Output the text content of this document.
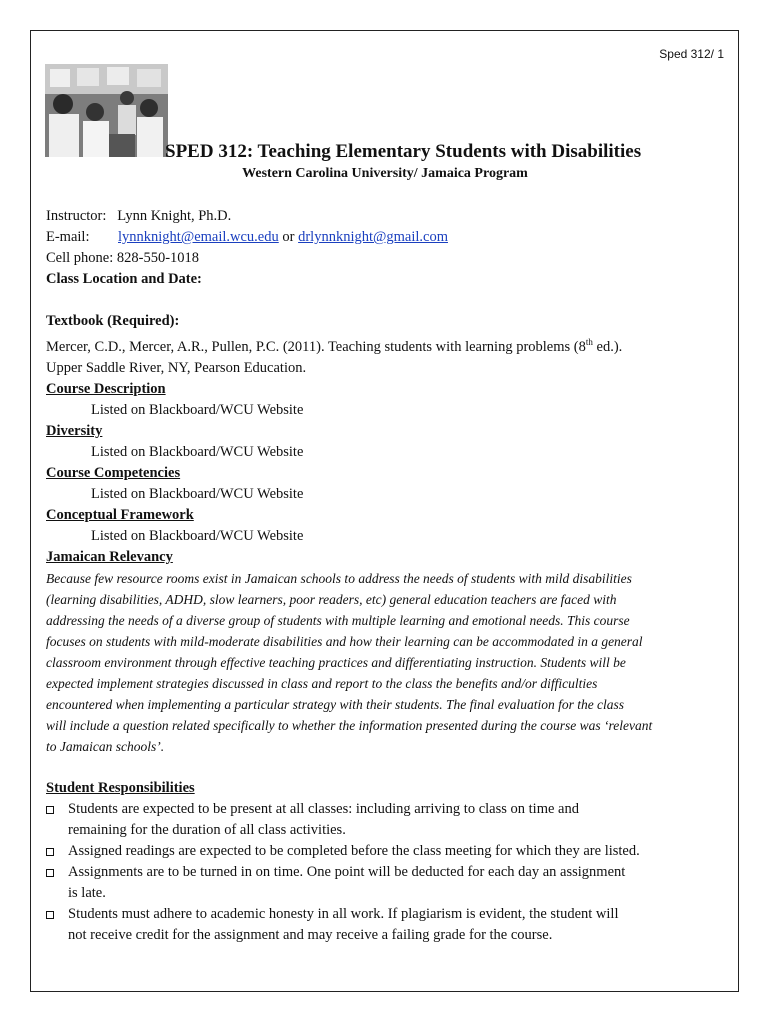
Sped 312/ 1
SPED 312: Teaching Elementary Students with Disabilities
Western Carolina University/ Jamaica Program
Instructor: Lynn Knight, Ph.D.
E-mail: lynnknight@email.wcu.edu or drlynnknight@gmail.com
Cell phone: 828-550-1018
Class Location and Date:
Textbook (Required):
Mercer, C.D., Mercer, A.R., Pullen, P.C. (2011). Teaching students with learning problems (8th ed.).
Upper Saddle River, NY, Pearson Education.
Course Description
Listed on Blackboard/WCU Website
Diversity
Listed on Blackboard/WCU Website
Course Competencies
Listed on Blackboard/WCU Website
Conceptual Framework
Listed on Blackboard/WCU Website
Jamaican Relevancy
Because few resource rooms exist in Jamaican schools to address the needs of students with mild disabilities
(learning disabilities, ADHD, slow learners, poor readers, etc) general education teachers are faced with
addressing the needs of a diverse group of students with multiple learning and emotional needs. This course
focuses on students with mild-moderate disabilities and how their learning can be accommodated in a general
classroom environment through effective teaching practices and differentiating instruction. Students will be
expected implement strategies discussed in class and report to the class the benefits and/or difficulties
encountered when implementing a particular strategy with their students. The final evaluation for the class
will include a question related specifically to whether the information presented during the course was ‘relevant
to Jamaican schools’.
Student Responsibilities
Students are expected to be present at all classes: including arriving to class on time and
remaining for the duration of all class activities.
Assigned readings are expected to be completed before the class meeting for which they are listed.
Assignments are to be turned in on time. One point will be deducted for each day an assignment
is late.
Students must adhere to academic honesty in all work. If plagiarism is evident, the student will
not receive credit for the assignment and may receive a failing grade for the course.
